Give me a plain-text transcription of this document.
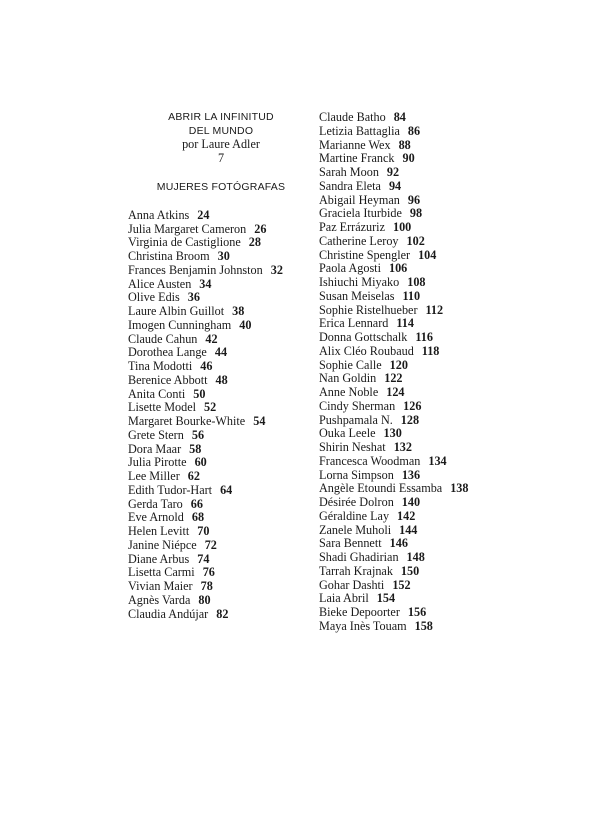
ABRIR LA INFINITUD
DEL MUNDO
por Laure Adler
7
MUJERES FOTÓGRAFAS
Anna Atkins 24
Julia Margaret Cameron 26
Virginia de Castiglione 28
Christina Broom 30
Frances Benjamin Johnston 32
Alice Austen 34
Olive Edis 36
Laure Albin Guillot 38
Imogen Cunningham 40
Claude Cahun 42
Dorothea Lange 44
Tina Modotti 46
Berenice Abbott 48
Anita Conti 50
Lisette Model 52
Margaret Bourke-White 54
Grete Stern 56
Dora Maar 58
Julia Pirotte 60
Lee Miller 62
Edith Tudor-Hart 64
Gerda Taro 66
Eve Arnold 68
Helen Levitt 70
Janine Niépce 72
Diane Arbus 74
Lisetta Carmi 76
Vivian Maier 78
Agnès Varda 80
Claudia Andújar 82
Claude Batho 84
Letizia Battaglia 86
Marianne Wex 88
Martine Franck 90
Sarah Moon 92
Sandra Eleta 94
Abigail Heyman 96
Graciela Iturbide 98
Paz Errázuriz 100
Catherine Leroy 102
Christine Spengler 104
Paola Agosti 106
Ishiuchi Miyako 108
Susan Meiselas 110
Sophie Ristelhueber 112
Erica Lennard 114
Donna Gottschalk 116
Alix Cléo Roubaud 118
Sophie Calle 120
Nan Goldin 122
Anne Noble 124
Cindy Sherman 126
Pushpamala N. 128
Ouka Leele 130
Shirin Neshat 132
Francesca Woodman 134
Lorna Simpson 136
Angèle Etoundi Essamba 138
Désirée Dolron 140
Géraldine Lay 142
Zanele Muholi 144
Sara Bennett 146
Shadi Ghadirian 148
Tarrah Krajnak 150
Gohar Dashti 152
Laia Abril 154
Bieke Depoorter 156
Maya Inès Touam 158
